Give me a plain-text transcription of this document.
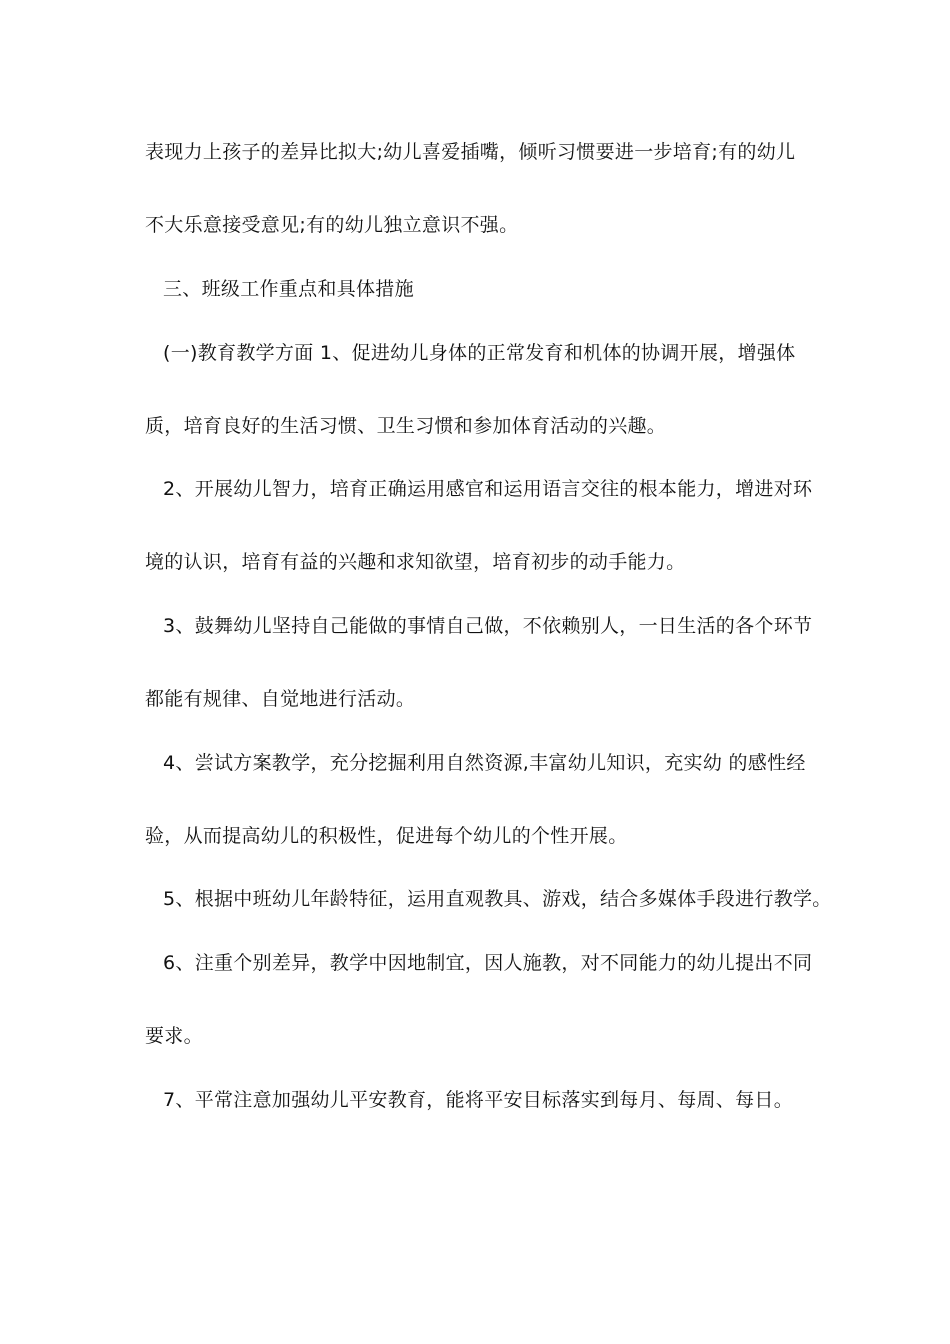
表现力上孩子的差异比拟大;幼儿喜爱插嘴，倾听习惯要进一步培育;有的幼儿
不大乐意接受意见;有的幼儿独立意识不强。
三、班级工作重点和具体措施
(一)教育教学方面 1、促进幼儿身体的正常发育和机体的协调开展，增强体
质，培育良好的生活习惯、卫生习惯和参加体育活动的兴趣。
2、开展幼儿智力，培育正确运用感官和运用语言交往的根本能力，增进对环
境的认识，培育有益的兴趣和求知欲望，培育初步的动手能力。
3、鼓舞幼儿坚持自己能做的事情自己做，不依赖别人，一日生活的各个环节
都能有规律、自觉地进行活动。
4、尝试方案教学，充分挖掘利用自然资源,丰富幼儿知识，充实幼 的感性经
验，从而提高幼儿的积极性，促进每个幼儿的个性开展。
5、根据中班幼儿年龄特征，运用直观教具、游戏，结合多媒体手段进行教学。
6、注重个别差异，教学中因地制宜，因人施教，对不同能力的幼儿提出不同
要求。
7、平常注意加强幼儿平安教育，能将平安目标落实到每月、每周、每日。
